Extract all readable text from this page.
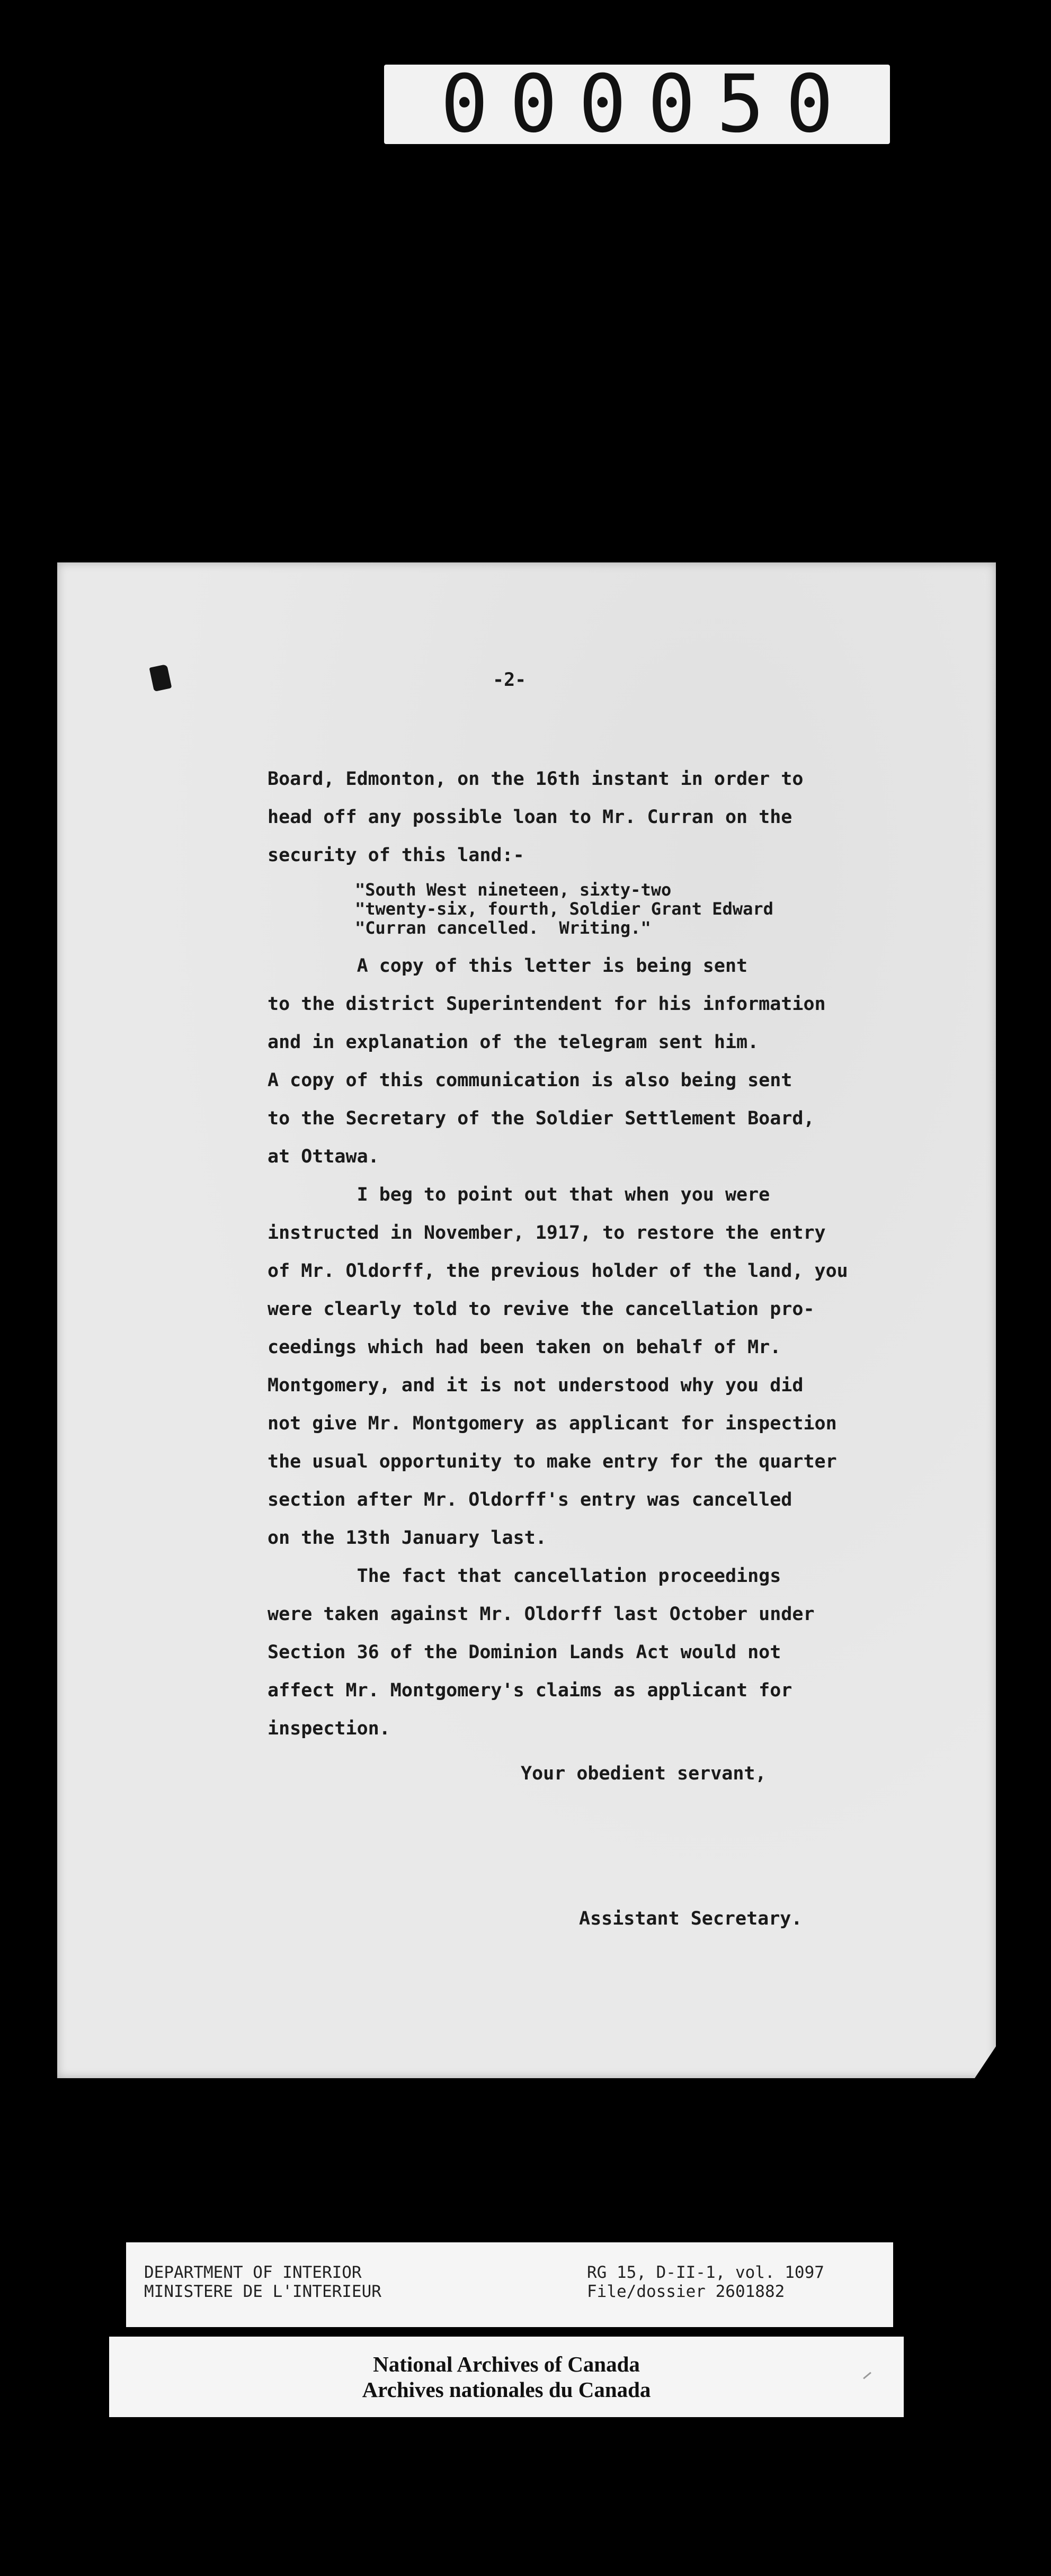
000050
-2-
Board, Edmonton, on the 16th instant in order to
head off any possible loan to Mr. Curran on the
security of this land:-
"South West nineteen, sixty-two
"twenty-six, fourth, Soldier Grant Edward
"Curran cancelled.  Writing."
A copy of this letter is being sent
to the district Superintendent for his information
and in explanation of the telegram sent him.
A copy of this communication is also being sent
to the Secretary of the Soldier Settlement Board,
at Ottawa.
I beg to point out that when you were
instructed in November, 1917, to restore the entry
of Mr. Oldorff, the previous holder of the land, you
were clearly told to revive the cancellation pro-
ceedings which had been taken on behalf of Mr.
Montgomery, and it is not understood why you did
not give Mr. Montgomery as applicant for inspection
the usual opportunity to make entry for the quarter
section after Mr. Oldorff's entry was cancelled
on the 13th January last.
The fact that cancellation proceedings
were taken against Mr. Oldorff last October under
Section 36 of the Dominion Lands Act would not
affect Mr. Montgomery's claims as applicant for
inspection.
Your obedient servant,
Assistant Secretary.
DEPARTMENT OF INTERIOR
MINISTERE DE L'INTERIEUR
RG 15, D-II-1, vol. 1097
File/dossier 2601882
National Archives of Canada
Archives nationales du Canada
